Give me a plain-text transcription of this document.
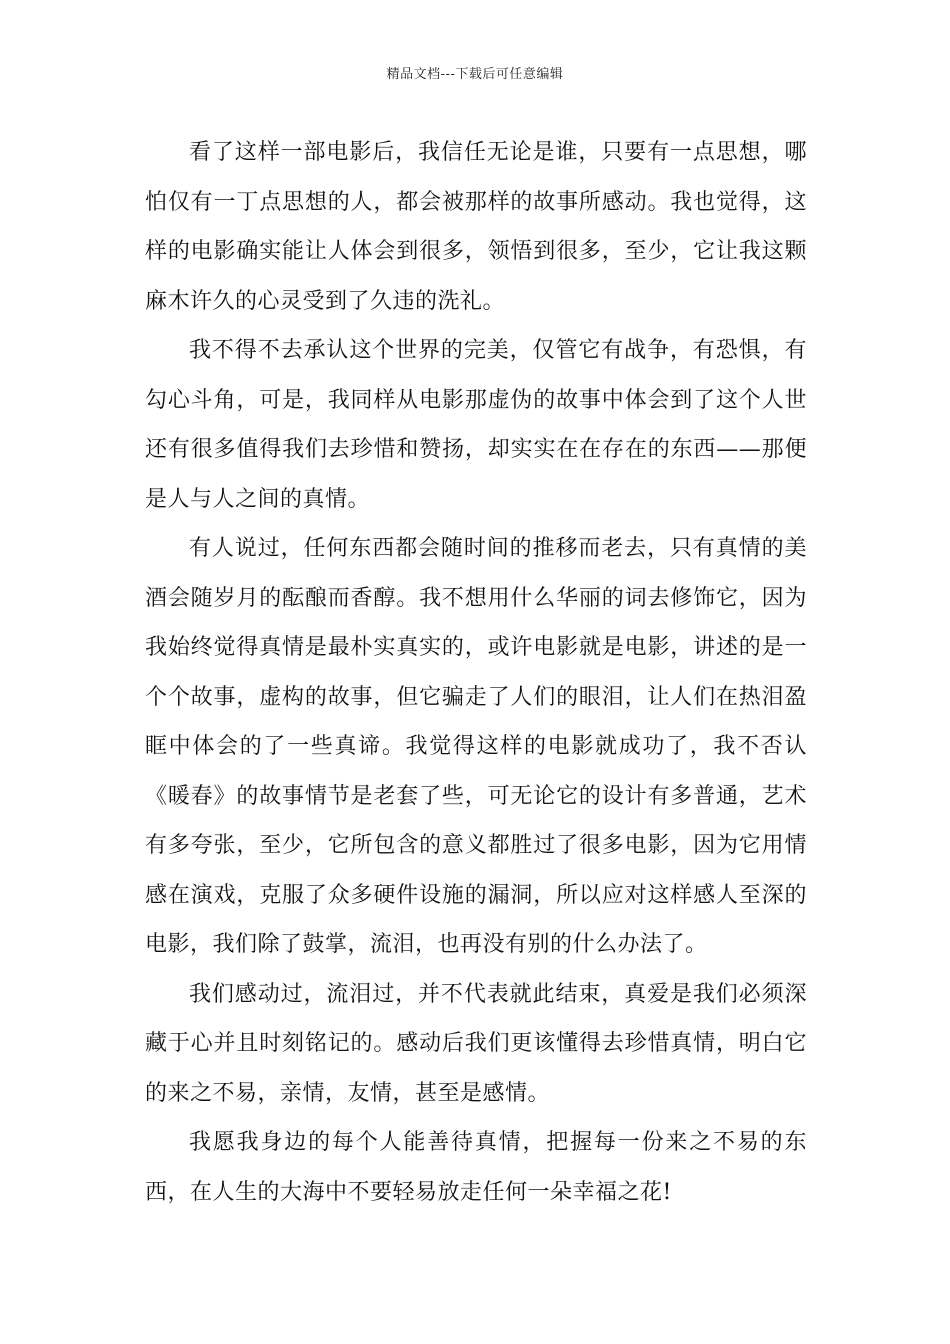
精品文档---下载后可任意编辑

看了这样一部电影后，我信任无论是谁，只要有一点思想，哪怕仅有一丁点思想的人，都会被那样的故事所感动。我也觉得，这样的电影确实能让人体会到很多，领悟到很多，至少，它让我这颗麻木许久的心灵受到了久违的洗礼。

我不得不去承认这个世界的完美，仅管它有战争，有恐惧，有勾心斗角，可是，我同样从电影那虚伪的故事中体会到了这个人世还有很多值得我们去珍惜和赞扬，却实实在在存在的东西——那便是人与人之间的真情。

有人说过，任何东西都会随时间的推移而老去，只有真情的美酒会随岁月的酝酿而香醇。我不想用什么华丽的词去修饰它，因为我始终觉得真情是最朴实真实的，或许电影就是电影，讲述的是一个个故事，虚构的故事，但它骗走了人们的眼泪，让人们在热泪盈眶中体会的了一些真谛。我觉得这样的电影就成功了，我不否认《暖春》的故事情节是老套了些，可无论它的设计有多普通，艺术有多夸张，至少，它所包含的意义都胜过了很多电影，因为它用情感在演戏，克服了众多硬件设施的漏洞，所以应对这样感人至深的电影，我们除了鼓掌，流泪，也再没有别的什么办法了。

我们感动过，流泪过，并不代表就此结束，真爱是我们必须深藏于心并且时刻铭记的。感动后我们更该懂得去珍惜真情，明白它的来之不易，亲情，友情，甚至是感情。

我愿我身边的每个人能善待真情，把握每一份来之不易的东西，在人生的大海中不要轻易放走任何一朵幸福之花!
